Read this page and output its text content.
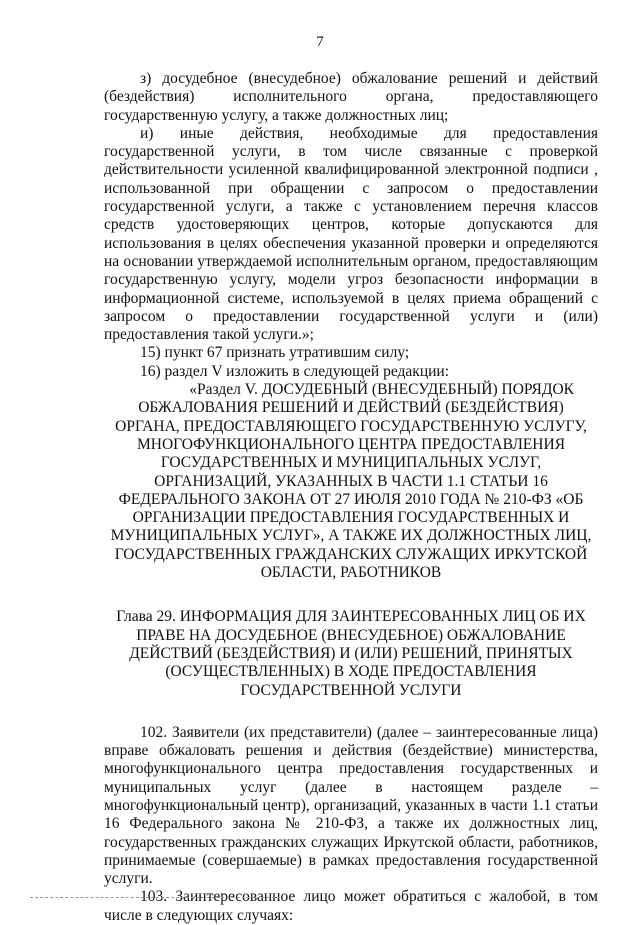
7

з) досудебное (внесудебное) обжалование решений и действий (бездействия) исполнительного органа, предоставляющего государственную услугу, а также должностных лиц;

и) иные действия, необходимые для предоставления государственной услуги, в том числе связанные с проверкой действительности усиленной квалифицированной электронной подписи , использованной при обращении с запросом о предоставлении государственной услуги, а также с установлением перечня классов средств удостоверяющих центров, которые допускаются для использования в целях обеспечения указанной проверки и определяются на основании утверждаемой исполнительным органом, предоставляющим государственную услугу, модели угроз безопасности информации в информационной системе, используемой в целях приема обращений с запросом о предоставлении государственной услуги и (или) предоставления такой услуги.»;

15) пункт 67 признать утратившим силу;

16) раздел V изложить в следующей редакции:

«Раздел V. ДОСУДЕБНЫЙ (ВНЕСУДЕБНЫЙ) ПОРЯДОК
ОБЖАЛОВАНИЯ РЕШЕНИЙ И ДЕЙСТВИЙ (БЕЗДЕЙСТВИЯ) ОРГАНА, ПРЕДОСТАВЛЯЮЩЕГО ГОСУДАРСТВЕННУЮ УСЛУГУ, МНОГОФУНКЦИОНАЛЬНОГО ЦЕНТРА ПРЕДОСТАВЛЕНИЯ ГОСУДАРСТВЕННЫХ И МУНИЦИПАЛЬНЫХ УСЛУГ, ОРГАНИЗАЦИЙ, УКАЗАННЫХ В ЧАСТИ 1.1 СТАТЬИ 16 ФЕДЕРАЛЬНОГО ЗАКОНА ОТ 27 ИЮЛЯ 2010 ГОДА № 210-ФЗ «ОБ ОРГАНИЗАЦИИ ПРЕДОСТАВЛЕНИЯ ГОСУДАРСТВЕННЫХ И МУНИЦИПАЛЬНЫХ УСЛУГ», А ТАКЖЕ ИХ ДОЛЖНОСТНЫХ ЛИЦ, ГОСУДАРСТВЕННЫХ ГРАЖДАНСКИХ СЛУЖАЩИХ ИРКУТСКОЙ ОБЛАСТИ, РАБОТНИКОВ

Глава 29. ИНФОРМАЦИЯ ДЛЯ ЗАИНТЕРЕСОВАННЫХ ЛИЦ ОБ ИХ ПРАВЕ НА ДОСУДЕБНОЕ (ВНЕСУДЕБНОЕ) ОБЖАЛОВАНИЕ ДЕЙСТВИЙ (БЕЗДЕЙСТВИЯ) И (ИЛИ) РЕШЕНИЙ, ПРИНЯТЫХ (ОСУЩЕСТВЛЕННЫХ) В ХОДЕ ПРЕДОСТАВЛЕНИЯ ГОСУДАРСТВЕННОЙ УСЛУГИ

102. Заявители (их представители) (далее – заинтересованные лица) вправе обжаловать решения и действия (бездействие) министерства, многофункционального центра предоставления государственных и муниципальных услуг (далее в настоящем разделе – многофункциональный центр), организаций, указанных в части 1.1 статьи 16 Федерального закона № 210-ФЗ, а также их должностных лиц, государственных гражданских служащих Иркутской области, работников, принимаемые (совершаемые) в рамках предоставления государственной услуги.

103. Заинтересованное лицо может обратиться с жалобой, в том числе в следующих случаях:
